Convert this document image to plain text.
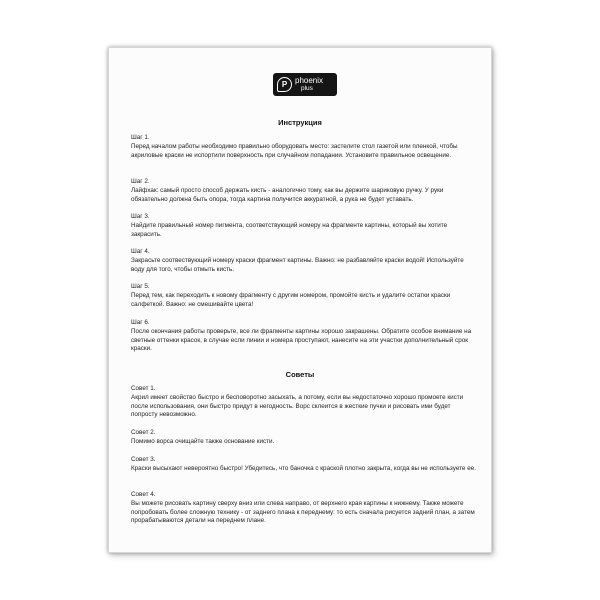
P phoenix
plus
Инструкция
Шаг 1.
Перед началом работы необходимо правильно оборудовать место: застелите стол газетой или пленкой, чтобы акриловые краски не испортили поверхность при случайном попадании. Установите правильное освещение.
Шаг 2.
Лайфхак: самый просто способ держать кисть - аналогично тому, как вы держите шариковую ручку. У руки обязательно должна быть опора, тогда картина получится аккуратной, а рука не будет уставать.
Шаг 3.
Найдите правильный номер пигмента, соответствующий номеру на фрагменте картины, который вы хотите закрасить.
Шаг 4.
Закрасьте соотвествующий номеру краски фрагмент картины. Важно: не разбавляйте краски водой! Используйте воду для того, чтобы отмыть кисть.
Шаг 5.
Перед тем, как переходить к новому фрагменту с другим номером, промойте кисть и удалите остатки краски салфеткой. Важно: не смешивайте цвета!
Шаг 6.
После окончания работы проверьте, все ли фрагменты картины хорошо закрашены. Обратите особое внимание на светные оттенки красок, в случае если линии и номера проступают, нанесите на эти участки дополнительный срок краски.
Советы
Совет 1.
Акрил имеет свойство быстро и бесповоротно засыхать, а потому, если вы недостаточно хорошо промоете кисти после использования, они быстро придут в негодность. Ворс склеится в жесткие пучки и рисовать ими будет попросту невозможно.
Совет 2.
Помимо ворса очищайте также основание кисти.
Совет 3.
Краски высыхают невероятно быстро! Убедитесь, что баночка с краской плотно закрыта, когда вы не используете ее.
Совет 4.
Вы можете рисовать картину сверху вниз или слева направо, от верхнего края картины к нижнему. Также можете попробовать более сложную технику - от заднего плана к переднему: то есть сначала рисуется задний план, а затем прорабатываются детали на переднем плане.
